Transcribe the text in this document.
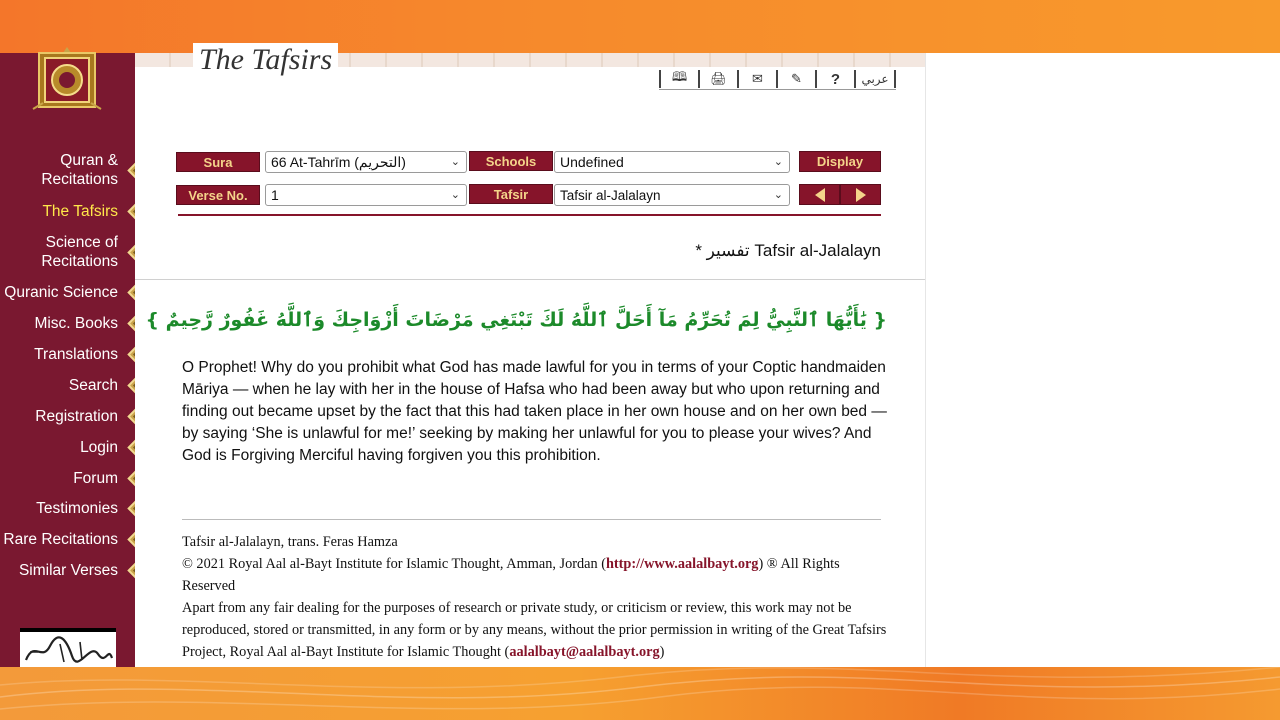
Quran & Recitations
The Tafsirs
Science of Recitations
Quranic Science
Misc. Books
Translations
Search
Registration
Login
Forum
Testimonies
Rare Recitations
Similar Verses
The Tafsirs
🕮 🖨 ✉ ✎ ? عربي
Sura	66 At-Tahrīm (التحريم)	⌄	Schools	Undefined	⌄	Display
Verse No.	1	⌄	Tafsir	Tafsir al-Jalalayn	⌄
* تفسير Tafsir al-Jalalayn
{ يَٰأَيُّهَا ٱلنَّبِيُّ لِمَ تُحَرِّمُ مَآ أَحَلَّ ٱللَّهُ لَكَ تَبْتَغِي مَرْضَاتَ أَزْوَاجِكَ وَٱللَّهُ غَفُورٌ رَّحِيمٌ }
O Prophet! Why do you prohibit what God has made lawful for you in terms of your Coptic handmaiden Māriya — when he lay with her in the house of Hafsa who had been away but who upon returning and finding out became upset by the fact that this had taken place in her own house and on her own bed — by saying ‘She is unlawful for me!’ seeking by making her unlawful for you to please your wives? And God is Forgiving Merciful having forgiven you this prohibition.
Tafsir al-Jalalayn, trans. Feras Hamza
© 2021 Royal Aal al-Bayt Institute for Islamic Thought, Amman, Jordan (http://www.aalalbayt.org) ® All Rights Reserved
Apart from any fair dealing for the purposes of research or private study, or criticism or review, this work may not be reproduced, stored or transmitted, in any form or by any means, without the prior permission in writing of the Great Tafsirs Project, Royal Aal al-Bayt Institute for Islamic Thought (aalalbayt@aalalbayt.org)
